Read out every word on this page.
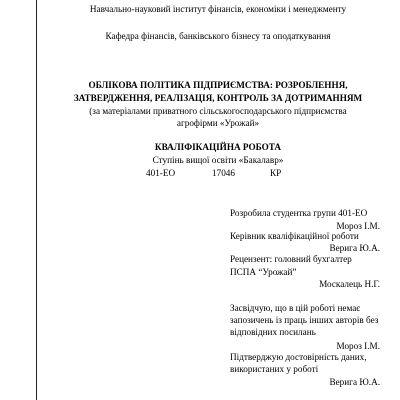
Навчально-науковий інститут фінансів, економіки і менеджменту
Кафедра фінансів, банківського бізнесу та оподаткування
ОБЛІКОВА ПОЛІТИКА ПІДПРИЄМСТВА: РОЗРОБЛЕННЯ,
ЗАТВЕРДЖЕННЯ, РЕАЛІЗАЦІЯ, КОНТРОЛЬ ЗА ДОТРИМАННЯМ
(за матеріалами приватного сільськогосподарського підприємства
агрофірми «Урожай»
КВАЛІФІКАЦІЙНА РОБОТА
Ступінь вищої освіти «Бакалавр»
401-ЕО	17046	КР
Розробила студентка групи 401-ЕО
Мороз І.М.
Керівник кваліфікаційної роботи
Верига Ю.А.
Рецензент: головний бухгалтер
ПСПА “Урожай”
Москалець Н.Г.
Засвідчую, що в цій роботі немає
запозичень із праць інших авторів без
відповідних посилань
Мороз І.М.
Підтверджую достовірність даних,
використаних у роботі
Верига Ю.А.
